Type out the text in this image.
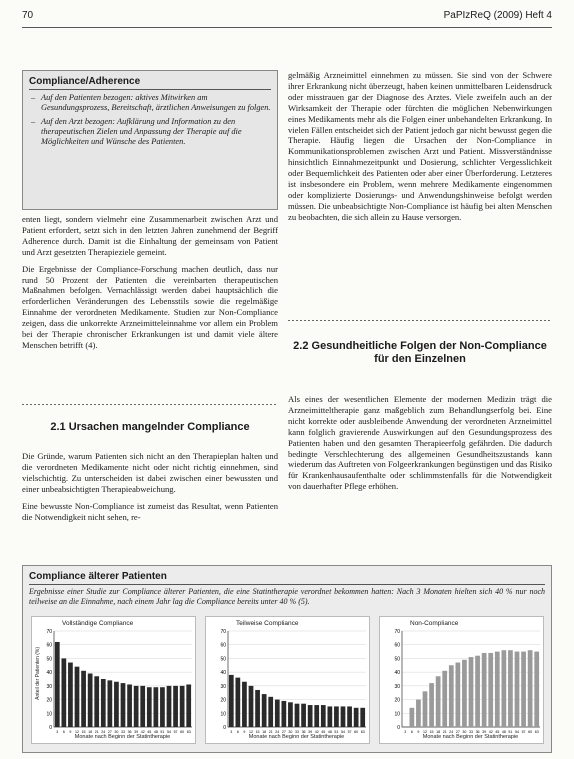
70	PaPIzReQ (2009) Heft 4
Compliance/Adherence
– Auf den Patienten bezogen: aktives Mitwirken am Gesundungsprozess, Bereitschaft, ärztlichen Anweisungen zu folgen.
– Auf den Arzt bezogen: Aufklärung und Information zu den therapeutischen Zielen und Anpassung der Therapie auf die Möglichkeiten und Wünsche des Patienten.

enten liegt, sondern vielmehr eine Zusammenarbeit zwischen Arzt und Patient erfordert, setzt sich in den letzten Jahren zunehmend der Begriff Adherence durch. Damit ist die Einhaltung der gemeinsam von Patient und Arzt gesetzten Therapieziele gemeint.

Die Ergebnisse der Compliance-Forschung machen deutlich, dass nur rund 50 Prozent der Patienten die vereinbarten therapeutischen Maßnahmen befolgen. Vernachlässigt werden dabei hauptsächlich die erforderlichen Veränderungen des Lebensstils sowie die regelmäßige Einnahme der verordneten Medikamente. Studien zur Non-Compliance zeigen, dass die unkorrekte Arzneimitteleinnahme vor allem ein Problem bei der Therapie chronischer Erkrankungen ist und damit viele ältere Menschen betrifft (4).

2.1 Ursachen mangelnder Compliance

Die Gründe, warum Patienten sich nicht an den Therapieplan halten und die verordneten Medikamente nicht oder nicht richtig einnehmen, sind vielschichtig. Zu unterscheiden ist dabei zwischen einer bewussten und einer unbeabsichtigten Therapieabweichung.

Eine bewusste Non-Compliance ist zumeist das Resultat, wenn Patienten die Notwendigkeit nicht sehen, re-

gelmäßig Arzneimittel einnehmen zu müssen. Sie sind von der Schwere ihrer Erkrankung nicht überzeugt, haben keinen unmittelbaren Leidensdruck oder misstrauen gar der Diagnose des Arztes. Viele zweifeln auch an der Wirksamkeit der Therapie oder fürchten die möglichen Nebenwirkungen eines Medikaments mehr als die Folgen einer unbehandelten Erkrankung. In vielen Fällen entscheidet sich der Patient jedoch gar nicht bewusst gegen die Therapie. Häufig liegen die Ursachen der Non-Compliance in Kommunikationsproblemen zwischen Arzt und Patient. Missverständnisse hinsichtlich Einnahmezeitpunkt und Dosierung, schlichter Vergesslichkeit oder Bequemlichkeit des Patienten oder aber einer Überforderung. Letzteres ist insbesondere ein Problem, wenn mehrere Medikamente eingenommen oder komplizierte Dosierungs- und Anwendungshinweise befolgt werden müssen. Die unbeabsichtigte Non-Compliance ist häufig bei alten Menschen zu beobachten, die sich allein zu Hause versorgen.

2.2 Gesundheitliche Folgen der Non-Compliance für den Einzelnen

Als eines der wesentlichen Elemente der modernen Medizin trägt die Arzneimitteltherapie ganz maßgeblich zum Behandlungserfolg bei. Eine nicht korrekte oder ausbleibende Anwendung der verordneten Arzneimittel kann folglich gravierende Auswirkungen auf den Gesundungsprozess des Patienten haben und den gesamten Therapieerfolg gefährden. Die dadurch bedingte Verschlechterung des allgemeinen Gesundheitszustands kann wiederum das Auftreten von Folgeerkrankungen begünstigen und das Risiko für Krankenhausaufenthalte oder schlimmstenfalls für die Notwendigkeit von dauerhafter Pflege erhöhen.

Compliance älterer Patienten
Ergebnisse einer Studie zur Compliance älterer Patienten, die eine Statintherapie verordnet bekommen hatten: Nach 3 Monaten hielten sich 40 % nur noch teilweise an die Einnahme, nach einem Jahr lag die Compliance bereits unter 40 % (5).
0
10
20
30
40
50
60
70
3 6 9 12 15 18 21 24 27 30 33 36 39 42 45 48 51 54 57 60 63
Vollständige Compliance
Anteil der Patienten (%)
Monate nach Beginn der Statintherapie
0
10
20
30
40
50
60
70
3 6 9 12 15 18 21 24 27 30 33 36 39 42 45 48 51 54 57 60 63
Teilweise Compliance
Monate nach Beginn der Statintherapie
0
10
20
30
40
50
60
70
3 6 9 12 15 18 21 24 27 30 33 36 39 42 45 48 51 54 57 60 63
Non-Compliance
Monate nach Beginn der Statintherapie
